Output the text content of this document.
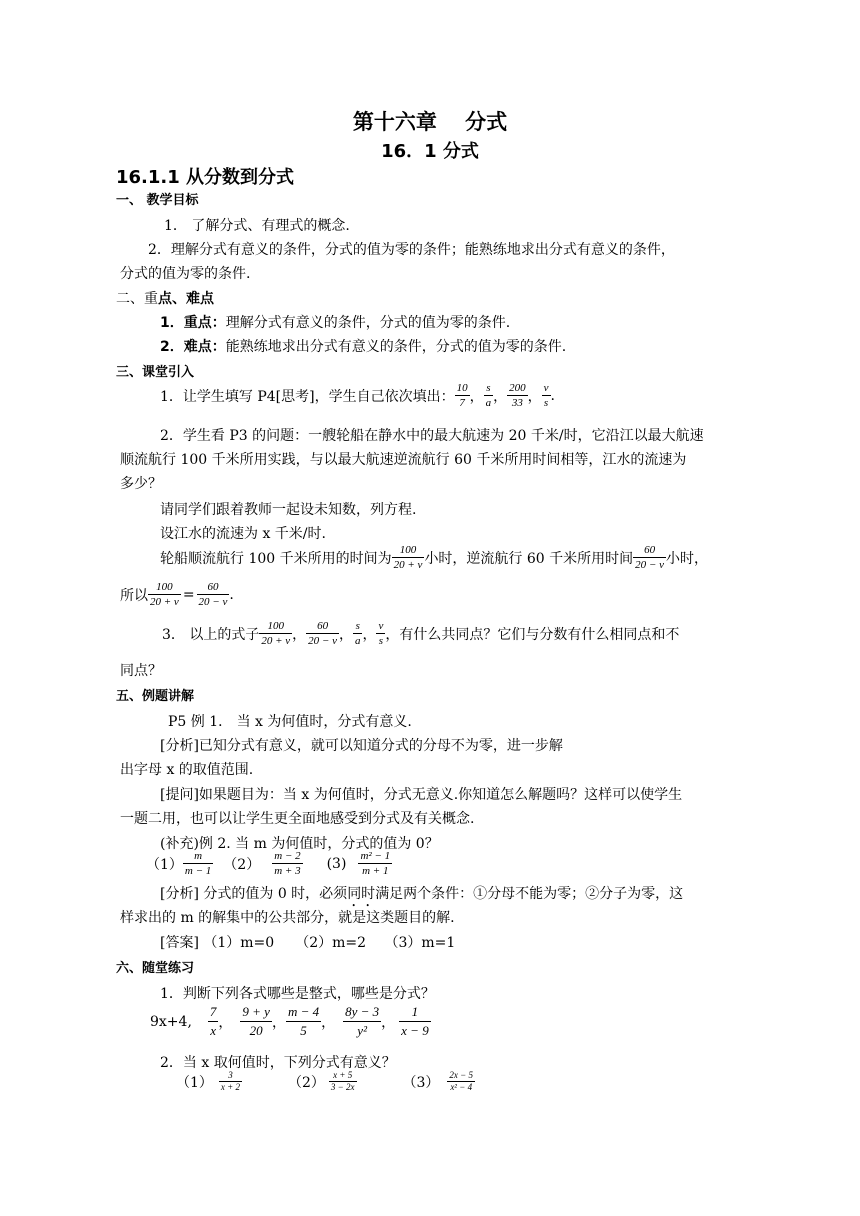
第十六章　 分式
16．1 分式
16.1.1 从分数到分式
一、 教学目标
1． 了解分式、有理式的概念.
2．理解分式有意义的条件，分式的值为零的条件；能熟练地求出分式有意义的条件，
分式的值为零的条件.
二、重点、难点
1．重点：理解分式有意义的条件，分式的值为零的条件.
2．难点：能熟练地求出分式有意义的条件，分式的值为零的条件.
三、课堂引入
1．让学生填写 P4[思考]，学生自己依次填出： $\frac{10}{7}$ ， $\frac{s}{a}$ ， $\frac{200}{33}$ ， $\frac{v}{s}$ .
2．学生看 P3 的问题：一艘轮船在静水中的最大航速为 20 千米/时，它沿江以最大航速
顺流航行 100 千米所用实践，与以最大航速逆流航行 60 千米所用时间相等，江水的流速为
多少？
请同学们跟着教师一起设未知数，列方程.
设江水的流速为 x 千米/时.
轮船顺流航行 100 千米所用的时间为 $\frac{100}{20 + v}$ 小时，逆流航行 60 千米所用时间 $\frac{60}{20 - v}$ 小时，
所以 $\frac{100}{20 + v} = \frac{60}{20 - v}$ .
3． 以上的式子 $\frac{100}{20 + v}$ ， $\frac{60}{20 - v}$ ， $\frac{s}{a}$ ， $\frac{v}{s}$ ，有什么共同点？它们与分数有什么相同点和不
同点？
五、例题讲解
P5 例 1． 当 x 为何值时，分式有意义.
[分析]已知分式有意义，就可以知道分式的分母不为零，进一步解
出字母 x 的取值范围.
[提问]如果题目为：当 x 为何值时，分式无意义.你知道怎么解题吗？这样可以使学生
一题二用，也可以让学生更全面地感受到分式及有关概念.
(补充)例 2. 当 m 为何值时，分式的值为 0？
$(1) \frac{m}{m - 1} (2) \frac{m - 2}{m + 3} (3) \frac{\text{m² − 1}}{m + 1}$
[分析] 分式的值为 0 时，必须同时满足两个条件：①分母不能为零；②分子为零，这
样求出的 m 的解集中的公共部分，就是这类题目的解.
[答案] （1）m=0　　（2）m=2　 （3）m=1
六、随堂练习
1．判断下列各式哪些是整式，哪些是分式？
9x+4, $\frac{7}{x}$ ， $\frac{9 + y}{20}$ ， $\frac{m - 4}{5}$ ， $\frac{8y - 3}{\text{y²}}$ ， $\frac{1}{x - 9}$
2．当 x 取何值时，下列分式有意义？
$(1) \frac{3}{x + 2}$	$(2) \frac{x + 5}{3 - 2x}$	$(3) \frac{2x - 5}{\text{x² − 4}}$
